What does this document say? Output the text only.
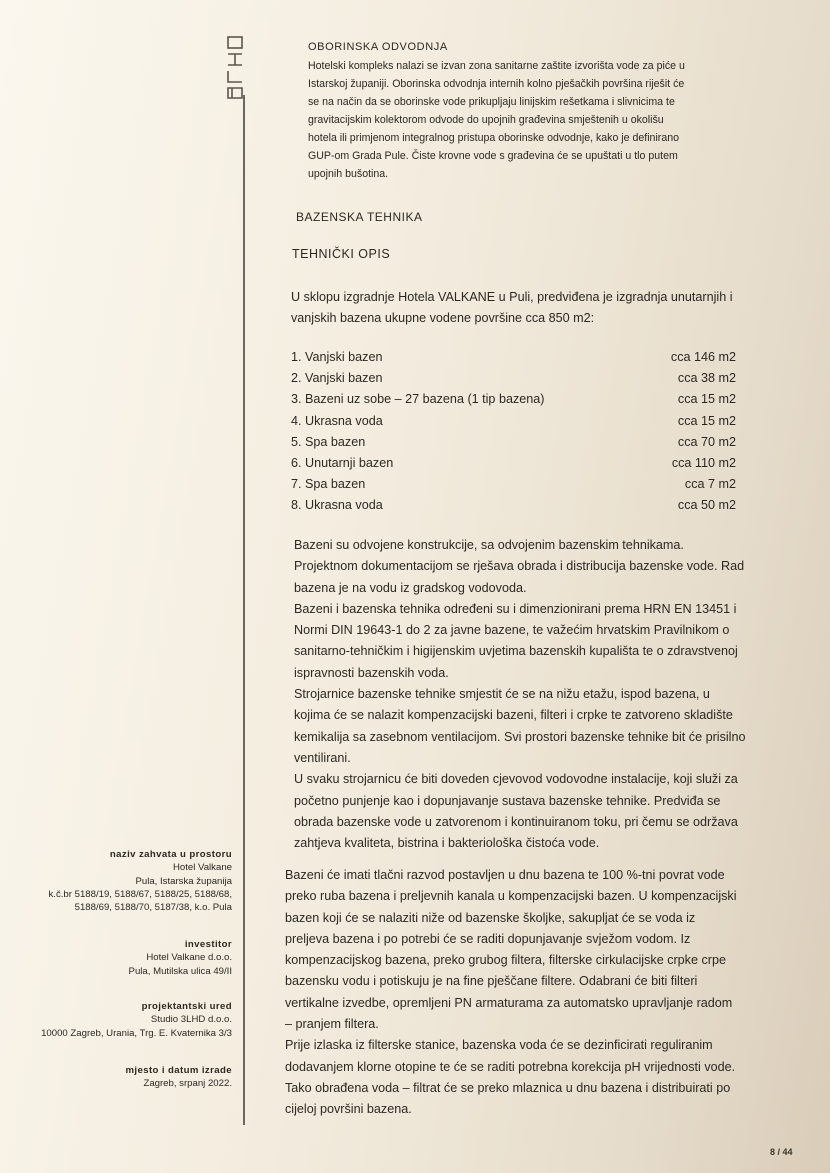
OBORINSKA ODVODNJA
Hotelski kompleks nalazi se izvan zona sanitarne zaštite izvorišta vode za piće u
Istarskoj županiji. Oborinska odvodnja internih kolno pješačkih površina riješit će
se na način da se oborinske vode prikupljaju linijskim rešetkama i slivnicima te
gravitacijskim kolektorom odvode do upojnih građevina smještenih u okolišu
hotela ili primjenom integralnog pristupa oborinske odvodnje, kako je definirano
GUP-om Grada Pule. Čiste krovne vode s građevina će se upuštati u tlo putem
upojnih bušotina.
BAZENSKA TEHNIKA
TEHNIČKI OPIS
U sklopu izgradnje Hotela VALKANE u Puli, predviđena je izgradnja unutarnjih i
vanjskih bazena ukupne vodene površine cca 850 m2:
1. Vanjski bazen	cca 146 m2
2. Vanjski bazen	cca 38 m2
3. Bazeni uz sobe – 27 bazena (1 tip bazena)	cca 15 m2
4. Ukrasna voda	cca 15 m2
5. Spa bazen	cca 70 m2
6. Unutarnji bazen	cca 110 m2
7. Spa bazen	cca 7 m2
8. Ukrasna voda	cca 50 m2
Bazeni su odvojene konstrukcije, sa odvojenim bazenskim tehnikama.
Projektnom dokumentacijom se rješava obrada i distribucija bazenske vode. Rad
bazena je na vodu iz gradskog vodovoda.
Bazeni i bazenska tehnika određeni su i dimenzionirani prema HRN EN 13451 i
Normi DIN 19643-1 do 2 za javne bazene, te važećim hrvatskim Pravilnikom o
sanitarno-tehničkim i higijenskim uvjetima bazenskih kupališta te o zdravstvenoj
ispravnosti bazenskih voda.
Strojarnice bazenske tehnike smjestit će se na nižu etažu, ispod bazena, u
kojima će se nalazit kompenzacijski bazeni, filteri i crpke te zatvoreno skladište
kemikalija sa zasebnom ventilacijom. Svi prostori bazenske tehnike bit će prisilno
ventilirani.
U svaku strojarnicu će biti doveden cjevovod vodovodne instalacije, koji služi za
početno punjenje kao i dopunjavanje sustava bazenske tehnike. Predviđa se
obrada bazenske vode u zatvorenom i kontinuiranom toku, pri čemu se održava
zahtjeva kvaliteta, bistrina i bakteriološka čistoća vode.
Bazeni će imati tlačni razvod postavljen u dnu bazena te 100 %-tni povrat vode
preko ruba bazena i preljevnih kanala u kompenzacijski bazen. U kompenzacijski
bazen koji će se nalaziti niže od bazenske školjke, sakupljat će se voda iz
preljeva bazena i po potrebi će se raditi dopunjavanje svježom vodom. Iz
kompenzacijskog bazena, preko grubog filtera, filterske cirkulacijske crpke crpe
bazensku vodu i potiskuju je na fine pješčane filtere. Odabrani će biti filteri
vertikalne izvedbe, opremljeni PN armaturama za automatsko upravljanje radom
– pranjem filtera.
Prije izlaska iz filterske stanice, bazenska voda će se dezinficirati reguliranim
dodavanjem klorne otopine te će se raditi potrebna korekcija pH vrijednosti vode.
Tako obrađena voda – filtrat će se preko mlaznica u dnu bazena i distribuirati po
cijeloj površini bazena.
naziv zahvata u prostoru
Hotel Valkane
Pula, Istarska županija
k.č.br 5188/19, 5188/67, 5188/25, 5188/68,
5188/69, 5188/70, 5187/38, k.o. Pula
investitor
Hotel Valkane d.o.o.
Pula, Mutilska ulica 49/II
projektantski ured
Studio 3LHD d.o.o.
10000 Zagreb, Urania, Trg. E. Kvaternika 3/3
mjesto i datum izrade
Zagreb, srpanj 2022.
8 / 44
